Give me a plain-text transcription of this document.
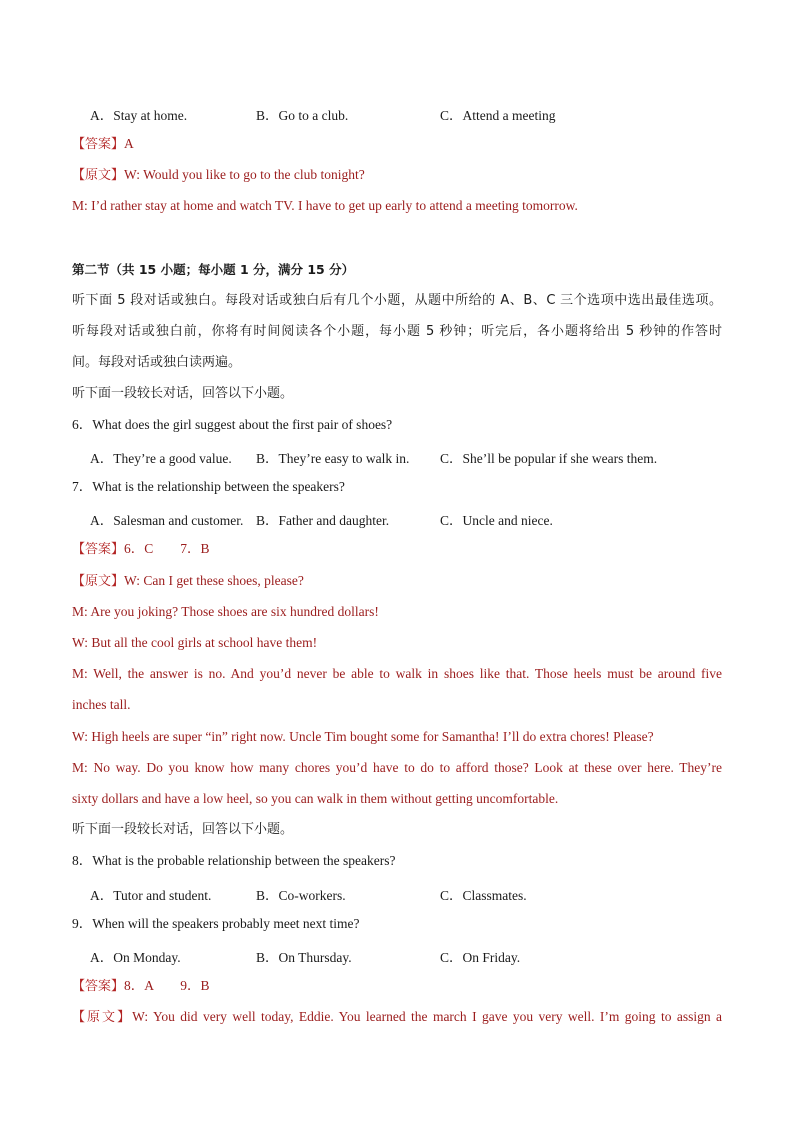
A．Stay at home.	B．Go to a club.	C．Attend a meeting
【答案】A
【原文】W: Would you like to go to the club tonight?
M: I’d rather stay at home and watch TV. I have to get up early to attend a meeting tomorrow.
第二节（共 15 小题；每小题 1 分，满分 15 分）
听下面 5 段对话或独白。每段对话或独白后有几个小题，从题中所给的 A、B、C 三个选项中选出最佳选项。
听每段对话或独白前，你将有时间阅读各个小题，每小题 5 秒钟；听完后，各小题将给出 5 秒钟的作答时
间。每段对话或独白读两遍。
听下面一段较长对话，回答以下小题。
6．What does the girl suggest about the first pair of shoes?
A．They’re a good value. B．They’re easy to walk in. C．She’ll be popular if she wears them.
7．What is the relationship between the speakers?
A．Salesman and customer. B．Father and daughter.	C．Uncle and niece.
【答案】6．C　　7．B
【原文】W: Can I get these shoes, please?
M: Are you joking? Those shoes are six hundred dollars!
W: But all the cool girls at school have them!
M: Well, the answer is no. And you’d never be able to walk in shoes like that. Those heels must be around five
inches tall.
W: High heels are super “in” right now. Uncle Tim bought some for Samantha! I’ll do extra chores! Please?
M: No way. Do you know how many chores you’d have to do to afford those? Look at these over here. They’re
sixty dollars and have a low heel, so you can walk in them without getting uncomfortable.
听下面一段较长对话，回答以下小题。
8．What is the probable relationship between the speakers?
A．Tutor and student.	B．Co-workers.	C．Classmates.
9．When will the speakers probably meet next time?
A．On Monday.	B．On Thursday.	C．On Friday.
【答案】8．A　　9．B
【原文】W: You did very well today, Eddie. You learned the march I gave you very well. I’m going to assign a
